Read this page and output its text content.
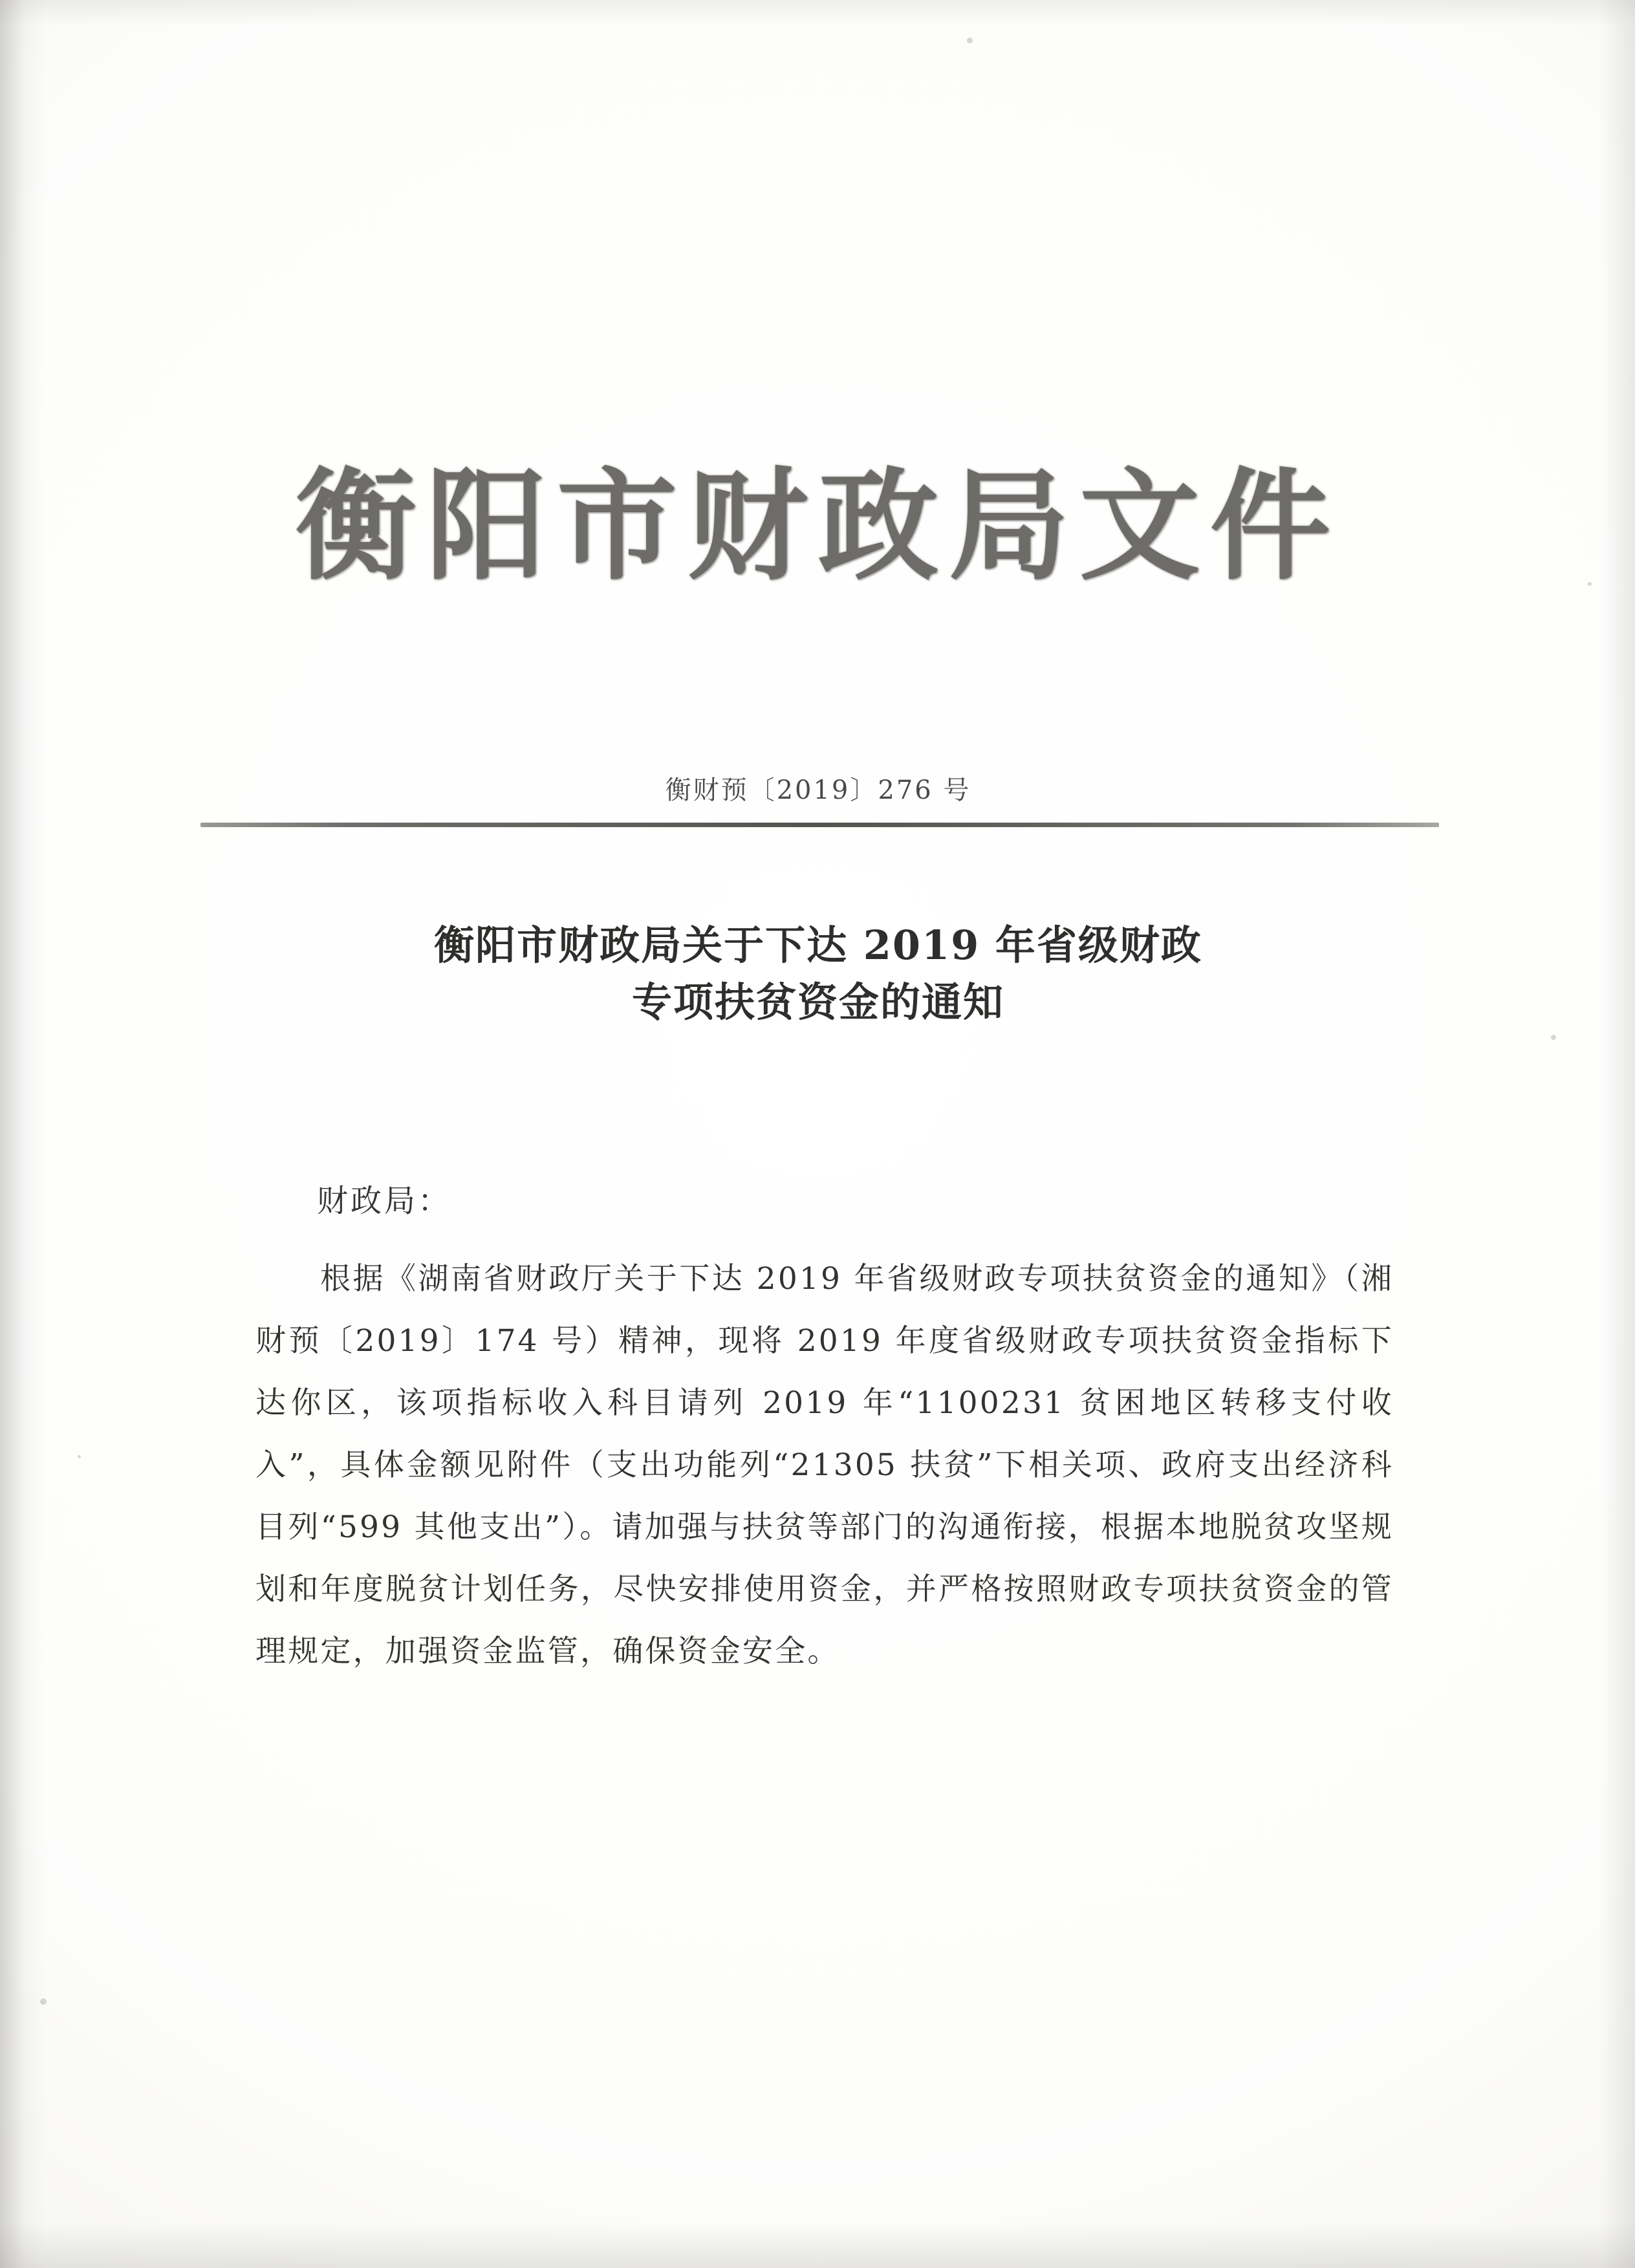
衡阳市财政局文件
衡财预〔2019〕276 号
衡阳市财政局关于下达 2019 年省级财政
专项扶贫资金的通知
财政局：
根据《湖南省财政厅关于下达 2019 年省级财政专项扶贫资金的通知》（湘财预〔2019〕174 号）精神，现将 2019 年度省级财政专项扶贫资金指标下达你区，该项指标收入科目请列 2019 年“1100231 贫困地区转移支付收入”，具体金额见附件（支出功能列“21305 扶贫”下相关项、政府支出经济科目列“599 其他支出”）。请加强与扶贫等部门的沟通衔接，根据本地脱贫攻坚规划和年度脱贫计划任务，尽快安排使用资金，并严格按照财政专项扶贫资金的管理规定，加强资金监管，确保资金安全。
